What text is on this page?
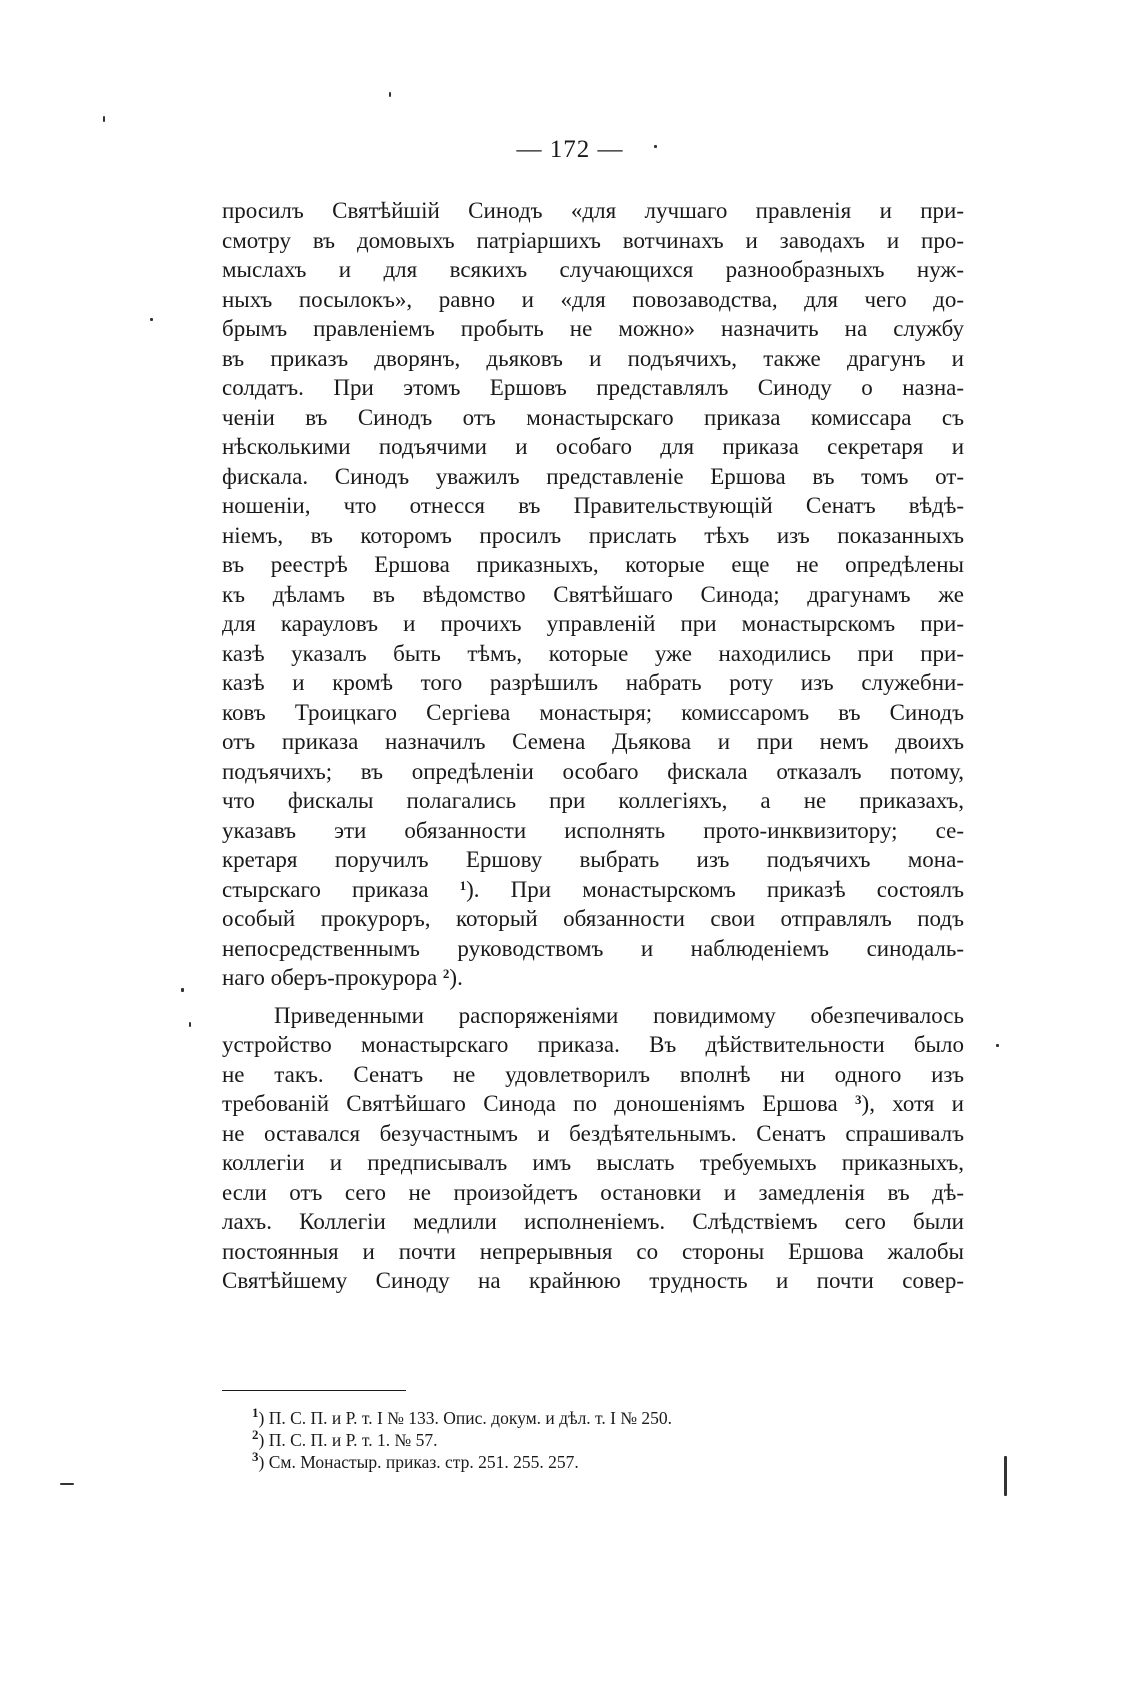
— 172 —
просилъ Святѣйшій Синодъ «для лучшаго правленія и при-
смотру въ домовыхъ патріаршихъ вотчинахъ и заводахъ и про-
мыслахъ и для всякихъ случающихся разнообразныхъ нуж-
ныхъ посылокъ», равно и «для повозаводства, для чего до-
брымъ правленіемъ пробыть не можно» назначить на службу
въ приказъ дворянъ, дьяковъ и подъячихъ, также драгунъ и
солдатъ. При этомъ Ершовъ представлялъ Синоду о назна-
ченіи въ Синодъ отъ монастырскаго приказа комиссара съ
нѣсколькими подъячими и особаго для приказа секретаря и
фискала. Синодъ уважилъ представленіе Ершова въ томъ от-
ношеніи, что отнесся въ Правительствующій Сенатъ вѣдѣ-
ніемъ, въ которомъ просилъ прислать тѣхъ изъ показанныхъ
въ реестрѣ Ершова приказныхъ, которые еще не опредѣлены
къ дѣламъ въ вѣдомство Святѣйшаго Синода; драгунамъ же
для карауловъ и прочихъ управленій при монастырскомъ при-
казѣ указалъ быть тѣмъ, которые уже находились при при-
казѣ и кромѣ того разрѣшилъ набрать роту изъ служебни-
ковъ Троицкаго Сергіева монастыря; комиссаромъ въ Синодъ
отъ приказа назначилъ Семена Дьякова и при немъ двоихъ
подъячихъ; въ опредѣленіи особаго фискала отказалъ потому,
что фискалы полагались при коллегіяхъ, а не приказахъ,
указавъ эти обязанности исполнять прото-инквизитору; се-
кретаря поручилъ Ершову выбрать изъ подъячихъ мона-
стырскаго приказа $^1$). При монастырскомъ приказѣ состоялъ
особый прокуроръ, который обязанности свои отправлялъ подъ
непосредственнымъ руководствомъ и наблюденіемъ синодаль-
наго оберъ-прокурора $^2$).
Приведенными распоряженіями повидимому обезпечивалось
устройство монастырскаго приказа. Въ дѣйствительности было
не такъ. Сенатъ не удовлетворилъ вполнѣ ни одного изъ
требованій Святѣйшаго Синода по доношеніямъ Ершова $^3$), хотя и
не оставался безучастнымъ и бездѣятельнымъ. Сенатъ спрашивалъ
коллегіи и предписывалъ имъ выслать требуемыхъ приказныхъ,
если отъ сего не произойдетъ остановки и замедленія въ дѣ-
лахъ. Коллегіи медлили исполненіемъ. Слѣдствіемъ сего были
постоянныя и почти непрерывныя со стороны Ершова жалобы
Святѣйшему Синоду на крайнюю трудность и почти совер-
$^1$) П. С. П. и Р. т. I № 133. Опис. докум. и дѣл. т. I № 250.
$^2$) П. С. П. и Р. т. 1. № 57.
$^3$) См. Монастыр. приказ. стр. 251. 255. 257.
